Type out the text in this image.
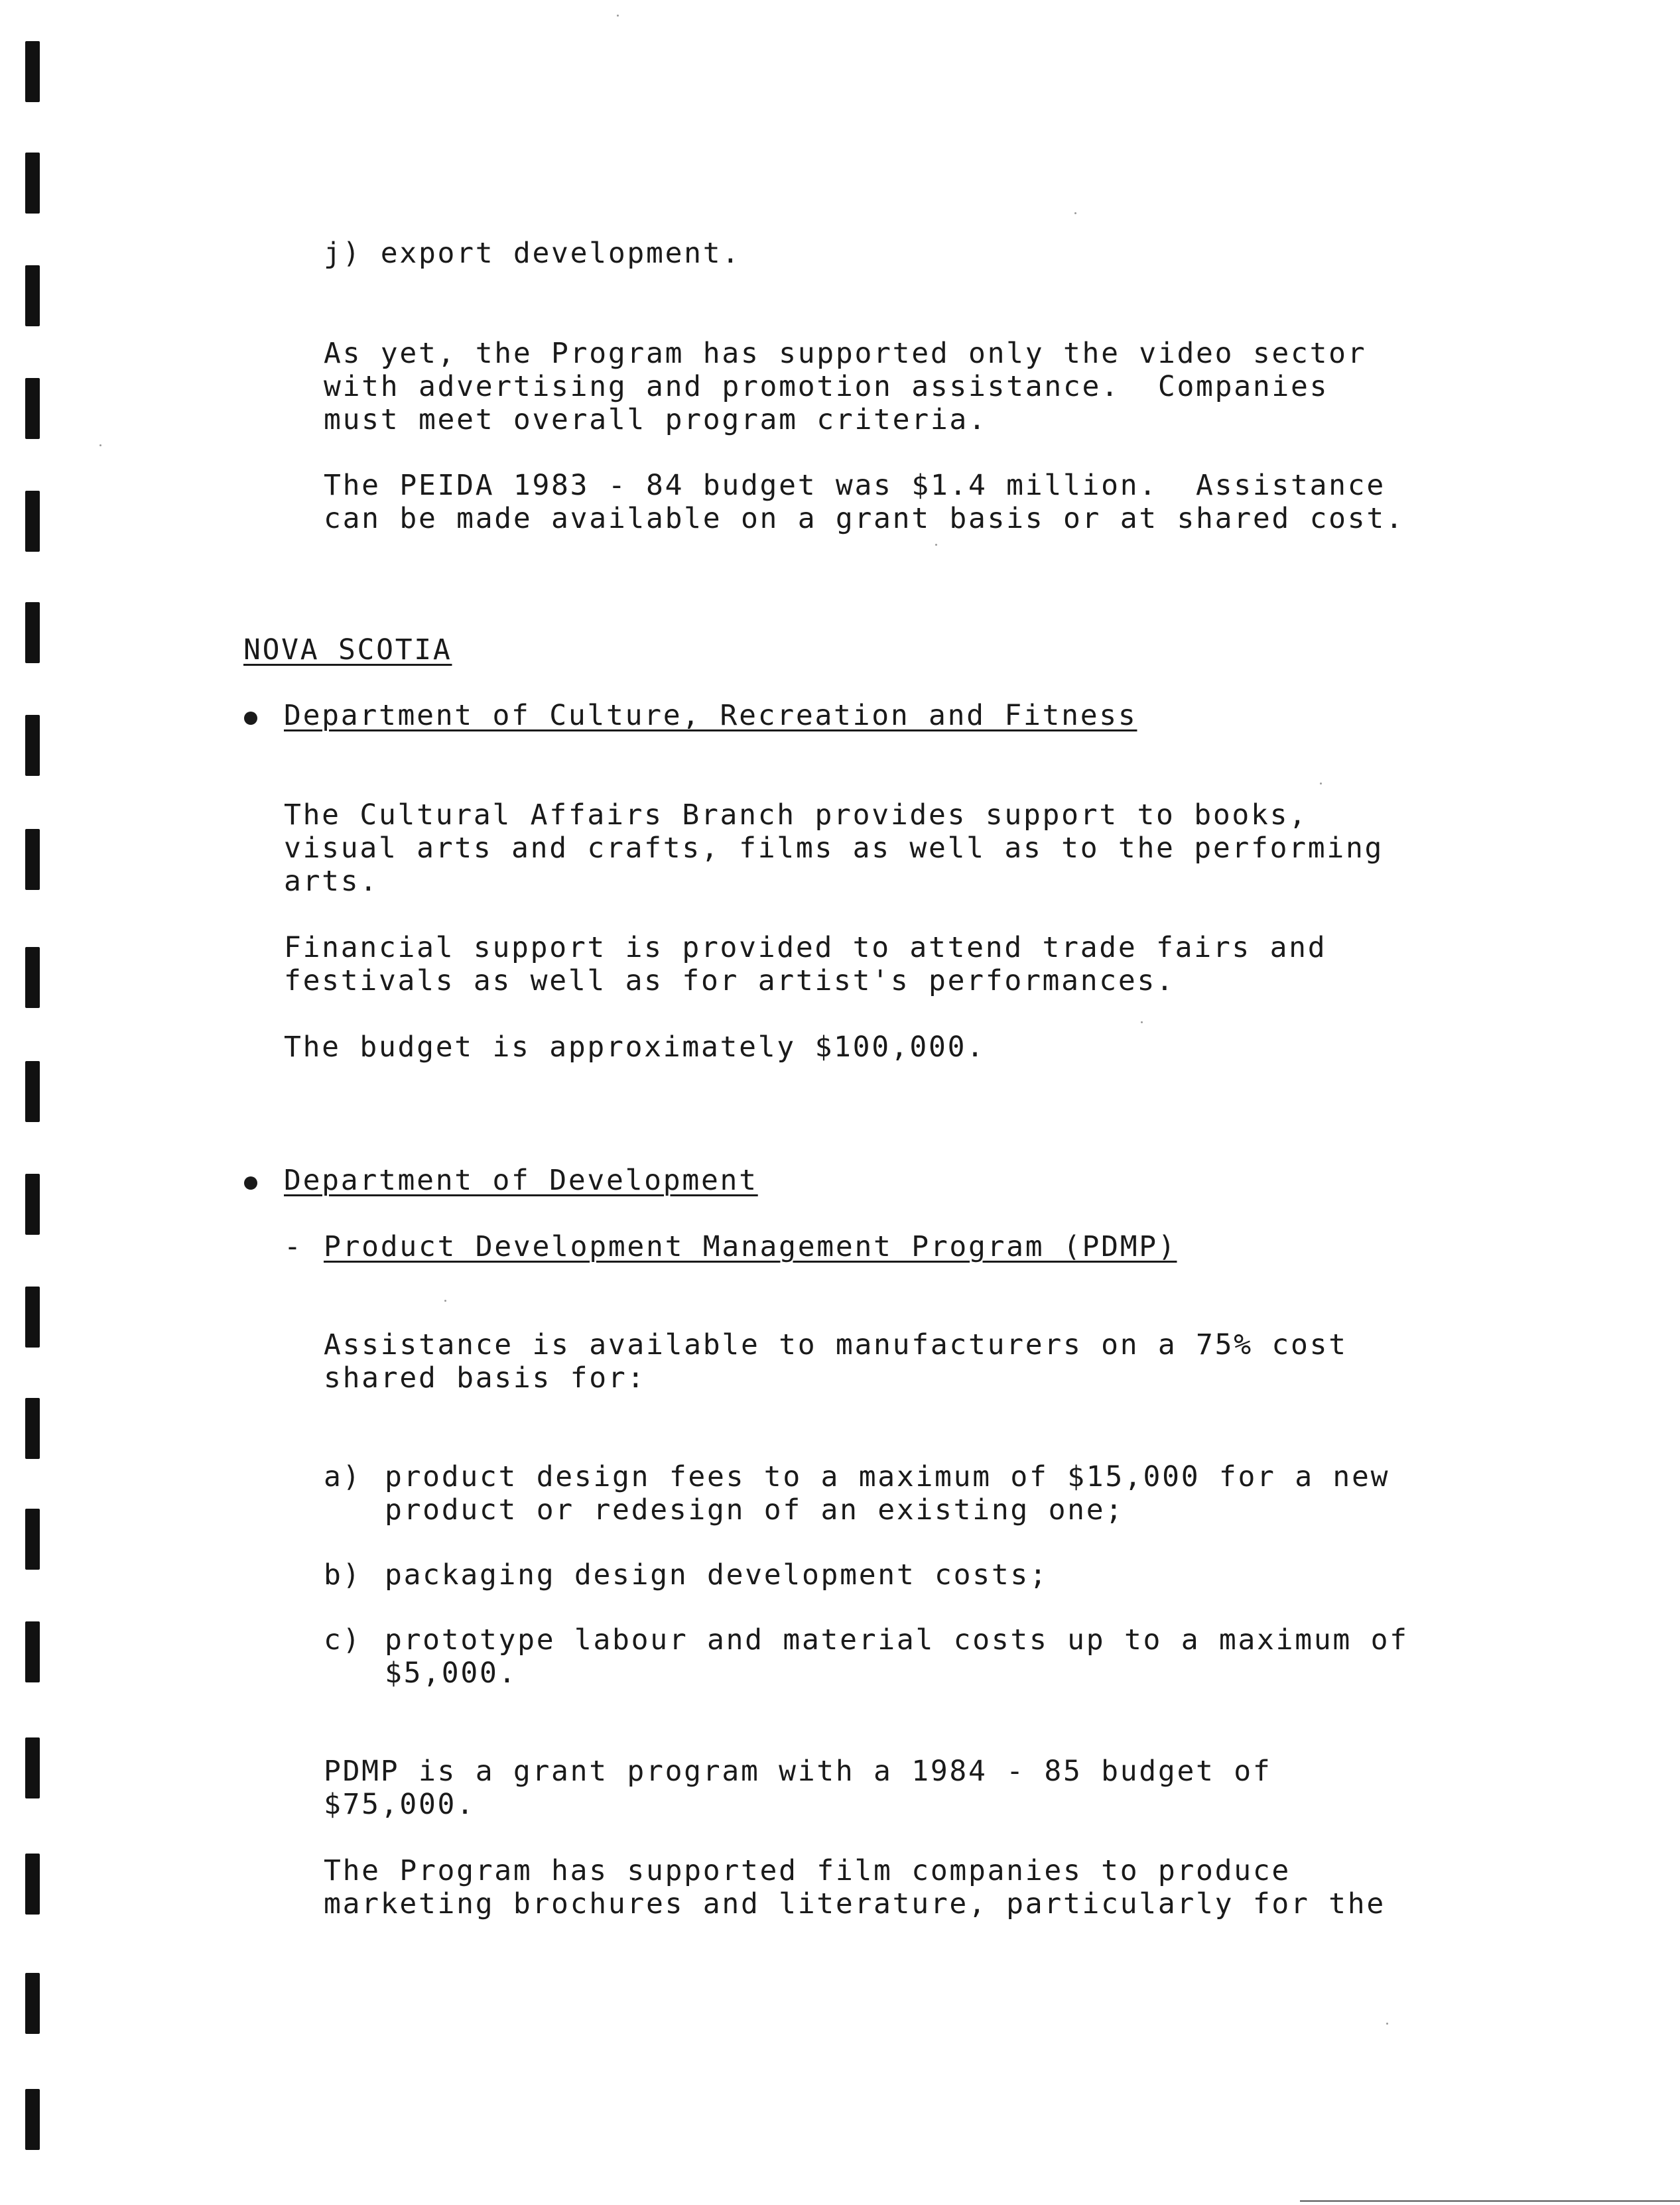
j) export development.
As yet, the Program has supported only the video sector
with advertising and promotion assistance.  Companies
must meet overall program criteria.
The PEIDA 1983 - 84 budget was $1.4 million.  Assistance
can be made available on a grant basis or at shared cost.
NOVA SCOTIA
Department of Culture, Recreation and Fitness
The Cultural Affairs Branch provides support to books,
visual arts and crafts, films as well as to the performing
arts.
Financial support is provided to attend trade fairs and
festivals as well as for artist's performances.
The budget is approximately $100,000.
Department of Development
- Product Development Management Program (PDMP)
Assistance is available to manufacturers on a 75% cost
shared basis for:
a) product design fees to a maximum of $15,000 for a new
product or redesign of an existing one;
b) packaging design development costs;
c) prototype labour and material costs up to a maximum of
$5,000.
PDMP is a grant program with a 1984 - 85 budget of
$75,000.
The Program has supported film companies to produce
marketing brochures and literature, particularly for the
